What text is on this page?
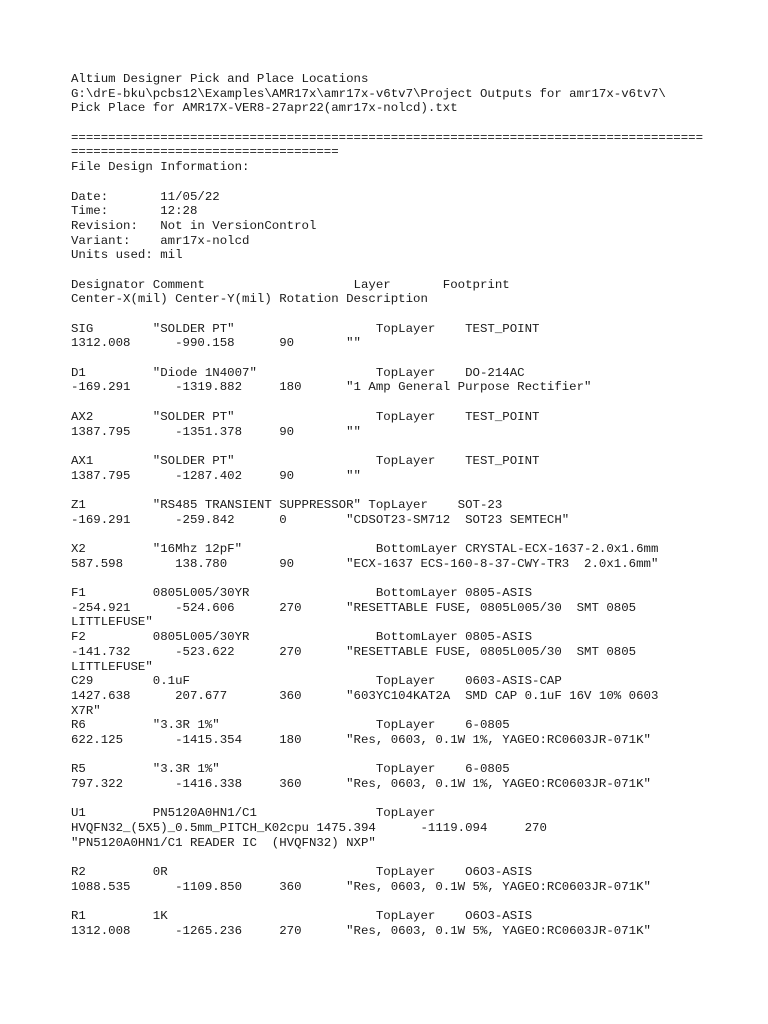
Altium Designer Pick and Place Locations
G:\drE-bku\pcbs12\Examples\AMR17x\amr17x-v6tv7\Project Outputs for amr17x-v6tv7\
Pick Place for AMR17X-VER8-27apr22(amr17x-nolcd).txt
=====================================================================================
====================================
File Design Information:
Date:       11/05/22
Time:       12:28
Revision:   Not in VersionControl
Variant:    amr17x-nolcd
Units used: mil
Designator Comment                    Layer       Footprint
Center-X(mil) Center-Y(mil) Rotation Description
SIG        "SOLDER PT"                   TopLayer    TEST_POINT
1312.008      -990.158      90       ""
D1         "Diode 1N4007"                TopLayer    DO-214AC
-169.291      -1319.882     180      "1 Amp General Purpose Rectifier"
AX2        "SOLDER PT"                   TopLayer    TEST_POINT
1387.795      -1351.378     90       ""
AX1        "SOLDER PT"                   TopLayer    TEST_POINT
1387.795      -1287.402     90       ""
Z1         "RS485 TRANSIENT SUPPRESSOR" TopLayer    SOT-23
-169.291      -259.842      0        "CDSOT23-SM712  SOT23 SEMTECH"
X2         "16Mhz 12pF"                  BottomLayer CRYSTAL-ECX-1637-2.0x1.6mm
587.598       138.780       90       "ECX-1637 ECS-160-8-37-CWY-TR3  2.0x1.6mm"
F1         0805L005/30YR                 BottomLayer 0805-ASIS
-254.921      -524.606      270      "RESETTABLE FUSE, 0805L005/30  SMT 0805
LITTLEFUSE"
F2         0805L005/30YR                 BottomLayer 0805-ASIS
-141.732      -523.622      270      "RESETTABLE FUSE, 0805L005/30  SMT 0805
LITTLEFUSE"
C29        0.1uF                         TopLayer    0603-ASIS-CAP
1427.638      207.677       360      "603YC104KAT2A  SMD CAP 0.1uF 16V 10% 0603
X7R"
R6         "3.3R 1%"                     TopLayer    6-0805
622.125       -1415.354     180      "Res, 0603, 0.1W 1%, YAGEO:RC0603JR-071K"
R5         "3.3R 1%"                     TopLayer    6-0805
797.322       -1416.338     360      "Res, 0603, 0.1W 1%, YAGEO:RC0603JR-071K"
U1         PN5120A0HN1/C1                TopLayer
HVQFN32_(5X5)_0.5mm_PITCH_K02cpu 1475.394      -1119.094     270
"PN5120A0HN1/C1 READER IC  (HVQFN32) NXP"
R2         0R                            TopLayer    O6O3-ASIS
1088.535      -1109.850     360      "Res, 0603, 0.1W 5%, YAGEO:RC0603JR-071K"
R1         1K                            TopLayer    O6O3-ASIS
1312.008      -1265.236     270      "Res, 0603, 0.1W 5%, YAGEO:RC0603JR-071K"
